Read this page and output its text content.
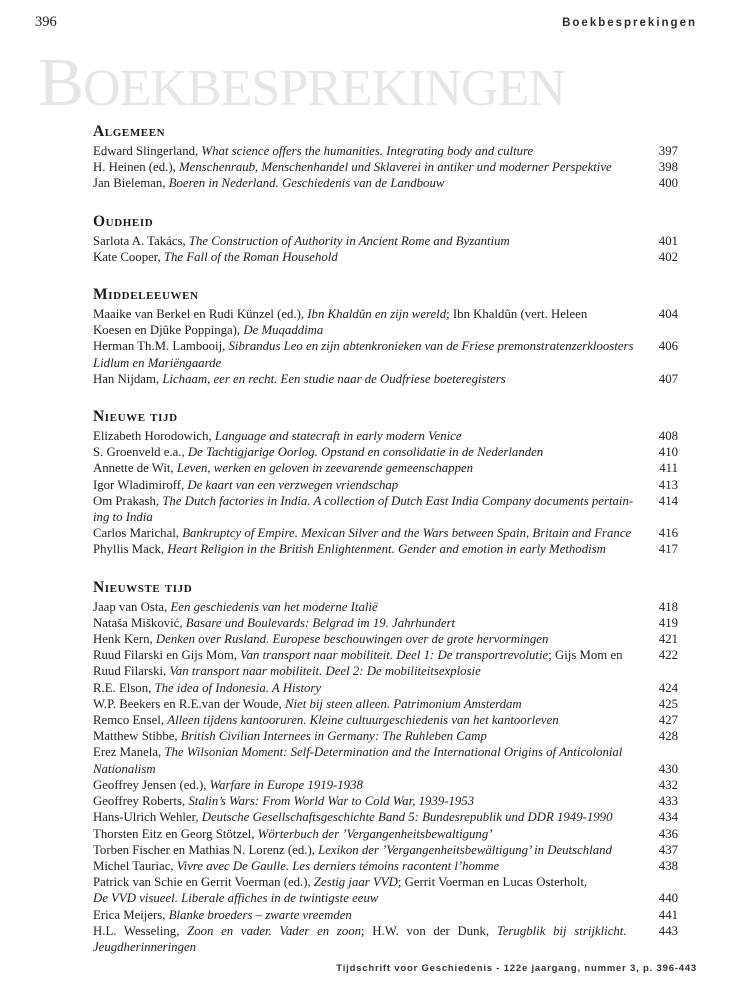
396	Boekbesprekingen
BOEKBESPREKINGEN
Algemeen
Edward Slingerland, What science offers the humanities. Integrating body and culture	397
H. Heinen (ed.), Menschenraub, Menschenhandel und Sklaverei in antiker und moderner Perspektive	398
Jan Bieleman, Boeren in Nederland. Geschiedenis van de Landbouw	400
Oudheid
Sarlota A. Takács, The Construction of Authority in Ancient Rome and Byzantium	401
Kate Cooper, The Fall of the Roman Household	402
Middeleeuwen
Maaike van Berkel en Rudi Künzel (ed.), Ibn Khaldûn en zijn wereld; Ibn Khaldûn (vert. Heleen	404
Koesen en Djûke Poppinga), De Muqaddima
Herman Th.M. Lambooij, Sibrandus Leo en zijn abtenkronieken van de Friese premonstratenzerkloosters	406
Lidlum en Mariëngaarde
Han Nijdam, Lichaam, eer en recht. Een studie naar de Oudfriese boeteregisters	407
Nieuwe tijd
Elizabeth Horodowich, Language and statecraft in early modern Venice	408
S. Groenveld e.a., De Tachtigjarige Oorlog. Opstand en consolidatie in de Nederlanden	410
Annette de Wit, Leven, werken en geloven in zeevarende gemeenschappen	411
Igor Wladimiroff, De kaart van een verzwegen vriendschap	413
Om Prakash, The Dutch factories in India. A collection of Dutch East India Company documents pertain-	414
ing to India
Carlos Marichal, Bankruptcy of Empire. Mexican Silver and the Wars between Spain, Britain and France	416
Phyllis Mack, Heart Religion in the British Enlightenment. Gender and emotion in early Methodism	417
Nieuwste tijd
Jaap van Osta, Een geschiedenis van het moderne Italië	418
Nataša Mišković, Basare und Boulevards: Belgrad im 19. Jahrhundert	419
Henk Kern, Denken over Rusland. Europese beschouwingen over de grote hervormingen	421
Ruud Filarski en Gijs Mom, Van transport naar mobiliteit. Deel 1: De transportrevolutie; Gijs Mom en	422
Ruud Filarski, Van transport naar mobiliteit. Deel 2: De mobiliteitsexplosie
R.E. Elson, The idea of Indonesia. A History	424
W.P. Beekers en R.E.van der Woude, Niet bij steen alleen. Patrimonium Amsterdam	425
Remco Ensel, Alleen tijdens kantooruren. Kleine cultuurgeschiedenis van het kantoorleven	427
Matthew Stibbe, British Civilian Internees in Germany: The Ruhleben Camp	428
Erez Manela, The Wilsonian Moment: Self-Determination and the International Origins of Anticolonial
Nationalism	430
Geoffrey Jensen (ed.), Warfare in Europe 1919-1938	432
Geoffrey Roberts, Stalin’s Wars: From World War to Cold War, 1939-1953	433
Hans-Ulrich Wehler, Deutsche Gesellschaftsgeschichte Band 5: Bundesrepublik und DDR 1949-1990	434
Thorsten Eitz en Georg Stötzel, Wörterbuch der ’Vergangenheitsbewaltigung’	436
Torben Fischer en Mathias N. Lorenz (ed.), Lexikon der ’Vergangenheitsbewältigung’ in Deutschland	437
Michel Tauriac, Vivre avec De Gaulle. Les derniers témoins racontent l’homme	438
Patrick van Schie en Gerrit Voerman (ed.), Zestig jaar VVD; Gerrit Voerman en Lucas Osterholt,
De VVD visueel. Liberale affiches in de twintigste eeuw	440
Erica Meijers, Blanke broeders – zwarte vreemden	441
H.L. Wesseling, Zoon en vader. Vader en zoon; H.W. von der Dunk, Terugblik bij strijklicht.	443
Jeugdherinneringen
Tijdschrift voor Geschiedenis - 122e jaargang, nummer 3, p. 396-443
